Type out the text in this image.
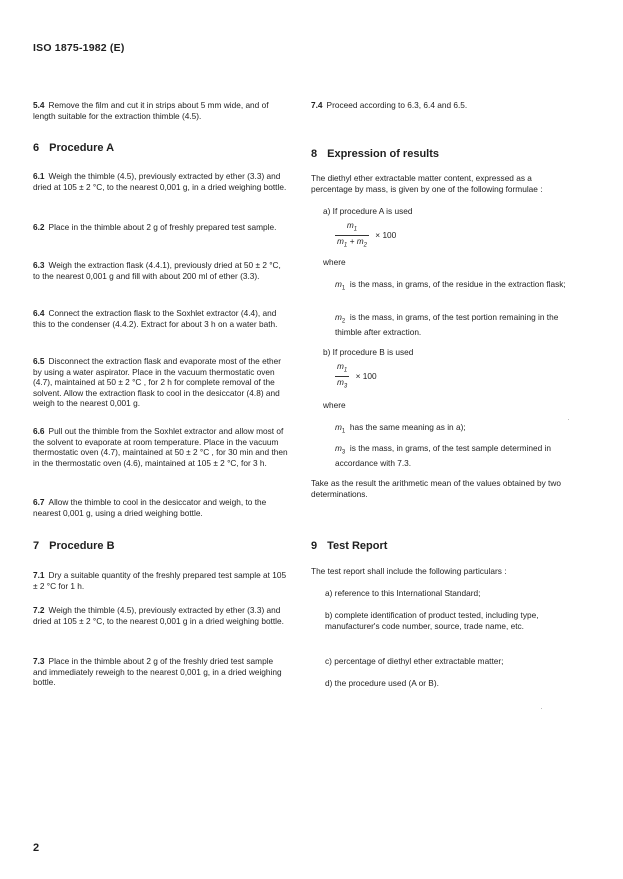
ISO 1875-1982 (E)

5.4 Remove the film and cut it in strips about 5 mm wide, and of length suitable for the extraction thimble (4.5).

6 Procedure A

6.1 Weigh the thimble (4.5), previously extracted by ether (3.3) and dried at 105 ± 2 °C, to the nearest 0,001 g, in a dried weighing bottle.

6.2 Place in the thimble about 2 g of freshly prepared test sample.

6.3 Weigh the extraction flask (4.4.1), previously dried at 50 ± 2 °C, to the nearest 0,001 g and fill with about 200 ml of ether (3.3).

6.4 Connect the extraction flask to the Soxhlet extractor (4.4), and this to the condenser (4.4.2). Extract for about 3 h on a water bath.

6.5 Disconnect the extraction flask and evaporate most of the ether by using a water aspirator. Place in the vacuum thermostatic oven (4.7), maintained at 50 ± 2 °C , for 2 h for complete removal of the solvent. Allow the extraction flask to cool in the desiccator (4.8) and weigh to the nearest 0,001 g.

6.6 Pull out the thimble from the Soxhlet extractor and allow most of the solvent to evaporate at room temperature. Place in the vacuum thermostatic oven (4.7), maintained at 50 ± 2 °C , for 30 min and then in the thermostatic oven (4.6), maintained at 105 ± 2 °C, for 3 h.

6.7 Allow the thimble to cool in the desiccator and weigh, to the nearest 0,001 g, using a dried weighing bottle.

7 Procedure B

7.1 Dry a suitable quantity of the freshly prepared test sample at 105 ± 2 °C for 1 h.

7.2 Weigh the thimble (4.5), previously extracted by ether (3.3) and dried at 105 ± 2 °C, to the nearest 0,001 g in a dried weighing bottle.

7.3 Place in the thimble about 2 g of the freshly dried test sample and immediately reweigh to the nearest 0,001 g, in a dried weighing bottle.

7.4 Proceed according to 6.3, 6.4 and 6.5.

8 Expression of results
The diethyl ether extractable matter content, expressed as a percentage by mass, is given by one of the following formulae :
a) If procedure A is used
$\frac{m_1}{m_1 + m_2} \times 100$
where
$m_1$ is the mass, in grams, of the residue in the extraction flask;
$m_2$ is the mass, in grams, of the test portion remaining in the thimble after extraction.
b) If procedure B is used
$\frac{m_1}{m_3} \times 100$
where
$m_1$ has the same meaning as in a);
$m_3$ is the mass, in grams, of the test sample determined in accordance with 7.3.
Take as the result the arithmetic mean of the values obtained by two determinations.
9 Test Report
The test report shall include the following particulars :
a) reference to this International Standard;
b) complete identification of product tested, including type, manufacturer's code number, source, trade name, etc.
c) percentage of diethyl ether extractable matter;
d) the procedure used (A or B).
2
